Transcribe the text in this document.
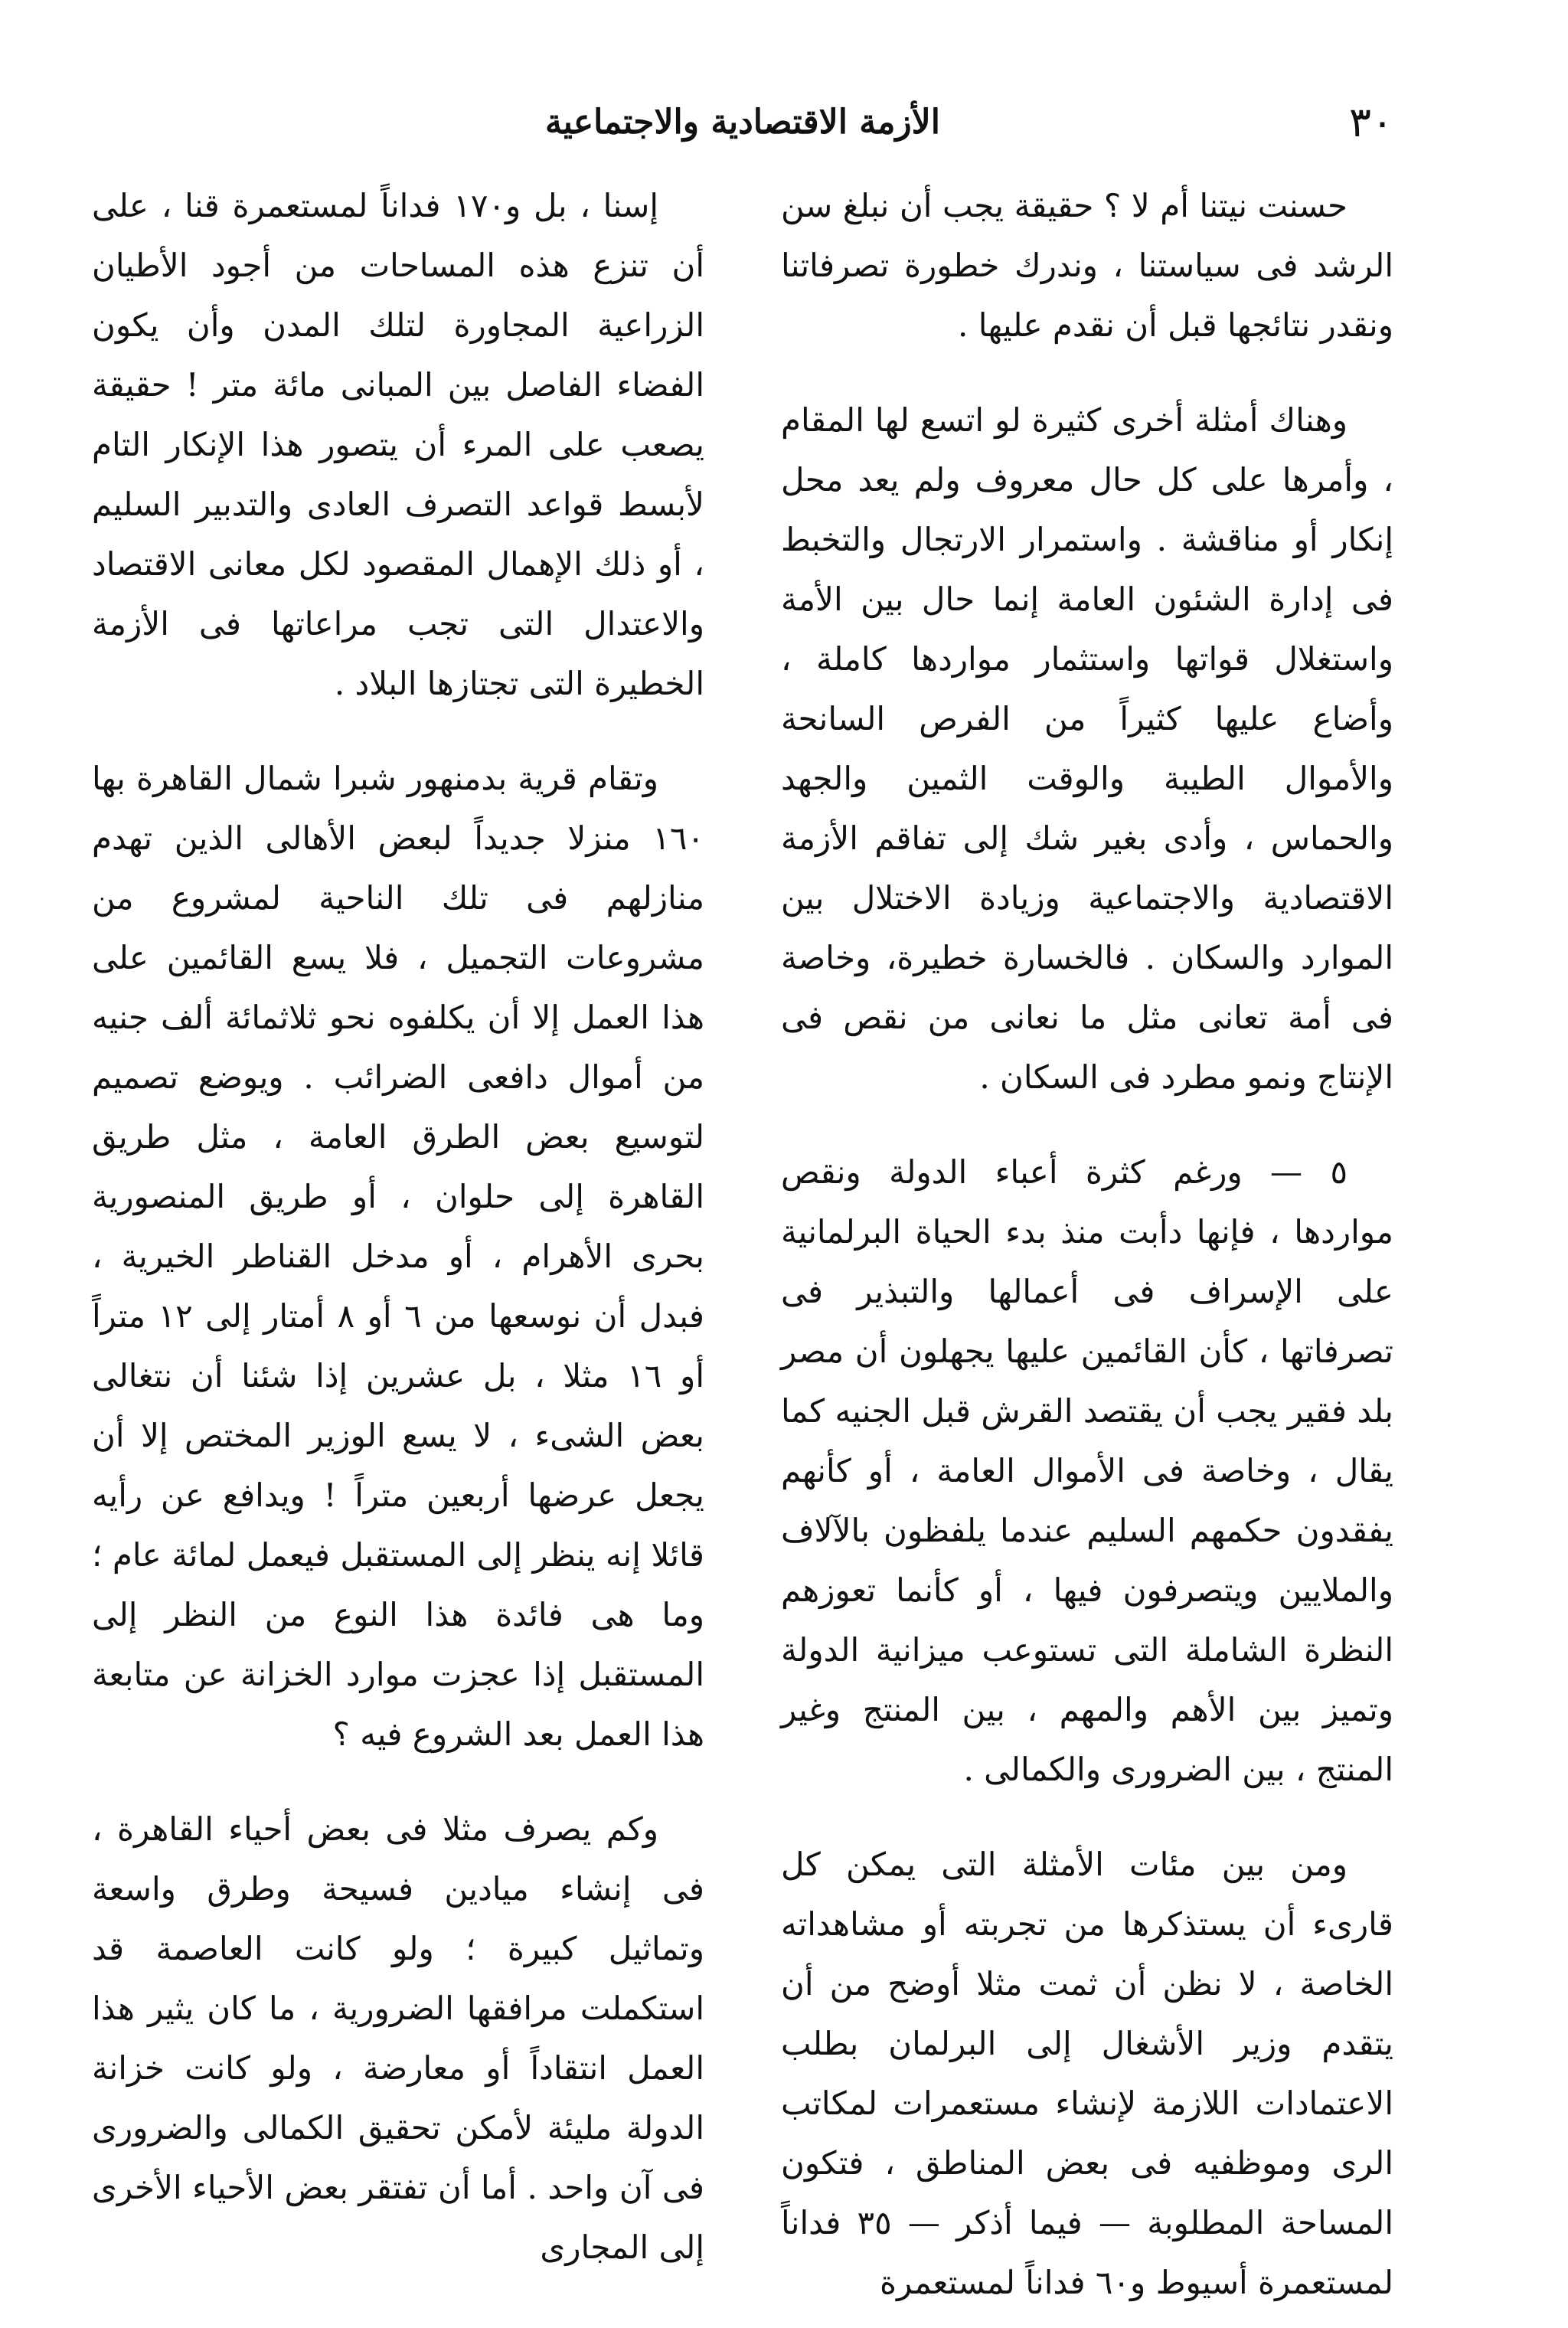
٣٠
الأزمة الاقتصادية والاجتماعية

حسنت نيتنا أم لا ؟ حقيقة يجب أن نبلغ سن الرشد فى سياستنا ، وندرك خطورة تصرفاتنا ونقدر نتائجها قبل أن نقدم عليها .

وهناك أمثلة أخرى كثيرة لو اتسع لها المقام ، وأمرها على كل حال معروف ولم يعد محل إنكار أو مناقشة . واستمرار الارتجال والتخبط فى إدارة الشئون العامة إنما حال بين الأمة واستغلال قواتها واستثمار مواردها كاملة ، وأضاع عليها كثيراً من الفرص السانحة والأموال الطيبة والوقت الثمين والجهد والحماس ، وأدى بغير شك إلى تفاقم الأزمة الاقتصادية والاجتماعية وزيادة الاختلال بين الموارد والسكان . فالخسارة خطيرة، وخاصة فى أمة تعانى مثل ما نعانى من نقص فى الإنتاج ونمو مطرد فى السكان .

٥ — ورغم كثرة أعباء الدولة ونقص مواردها ، فإنها دأبت منذ بدء الحياة البرلمانية على الإسراف فى أعمالها والتبذير فى تصرفاتها ، كأن القائمين عليها يجهلون أن مصر بلد فقير يجب أن يقتصد القرش قبل الجنيه كما يقال ، وخاصة فى الأموال العامة ، أو كأنهم يفقدون حكمهم السليم عندما يلفظون بالآلاف والملايين ويتصرفون فيها ، أو كأنما تعوزهم النظرة الشاملة التى تستوعب ميزانية الدولة وتميز بين الأهم والمهم ، بين المنتج وغير المنتج ، بين الضرورى والكمالى .

ومن بين مئات الأمثلة التى يمكن كل قارىء أن يستذكرها من تجربته أو مشاهداته الخاصة ، لا نظن أن ثمت مثلا أوضح من أن يتقدم وزير الأشغال إلى البرلمان بطلب الاعتمادات اللازمة لإنشاء مستعمرات لمكاتب الرى وموظفيه فى بعض المناطق ، فتكون المساحة المطلوبة — فيما أذكر — ٣٥ فداناً لمستعمرة أسيوط و٦٠ فداناً لمستعمرة

إسنا ، بل و١٧٠ فداناً لمستعمرة قنا ، على أن تنزع هذه المساحات من أجود الأطيان الزراعية المجاورة لتلك المدن وأن يكون الفضاء الفاصل بين المبانى مائة متر ! حقيقة يصعب على المرء أن يتصور هذا الإنكار التام لأبسط قواعد التصرف العادى والتدبير السليم ، أو ذلك الإهمال المقصود لكل معانى الاقتصاد والاعتدال التى تجب مراعاتها فى الأزمة الخطيرة التى تجتازها البلاد .

وتقام قرية بدمنهور شبرا شمال القاهرة بها ١٦٠ منزلا جديداً لبعض الأهالى الذين تهدم منازلهم فى تلك الناحية لمشروع من مشروعات التجميل ، فلا يسع القائمين على هذا العمل إلا أن يكلفوه نحو ثلاثمائة ألف جنيه من أموال دافعى الضرائب . ويوضع تصميم لتوسيع بعض الطرق العامة ، مثل طريق القاهرة إلى حلوان ، أو طريق المنصورية بحرى الأهرام ، أو مدخل القناطر الخيرية ، فبدل أن نوسعها من ٦ أو ٨ أمتار إلى ١٢ متراً أو ١٦ مثلا ، بل عشرين إذا شئنا أن نتغالى بعض الشىء ، لا يسع الوزير المختص إلا أن يجعل عرضها أربعين متراً ! ويدافع عن رأيه قائلا إنه ينظر إلى المستقبل فيعمل لمائة عام ؛ وما هى فائدة هذا النوع من النظر إلى المستقبل إذا عجزت موارد الخزانة عن متابعة هذا العمل بعد الشروع فيه ؟

وكم يصرف مثلا فى بعض أحياء القاهرة ، فى إنشاء ميادين فسيحة وطرق واسعة وتماثيل كبيرة ؛ ولو كانت العاصمة قد استكملت مرافقها الضرورية ، ما كان يثير هذا العمل انتقاداً أو معارضة ، ولو كانت خزانة الدولة مليئة لأمكن تحقيق الكمالى والضرورى فى آن واحد . أما أن تفتقر بعض الأحياء الأخرى إلى المجارى
